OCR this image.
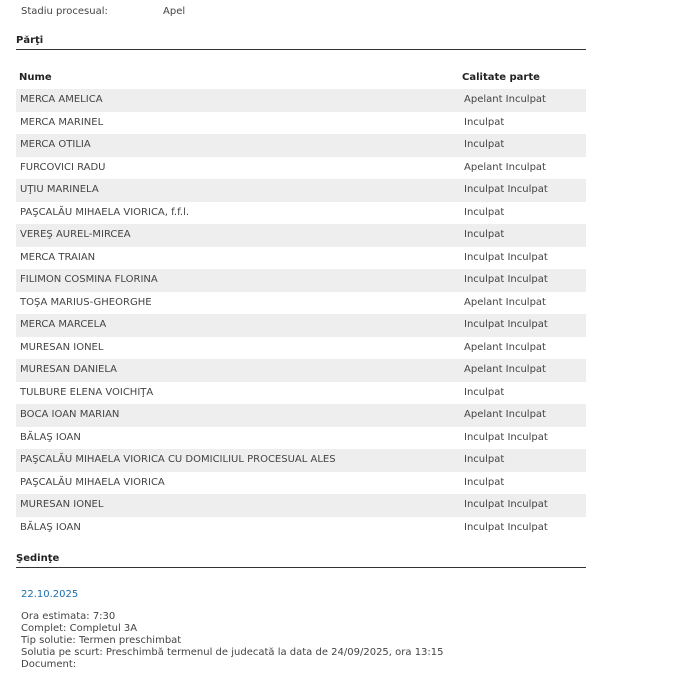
Stadiu procesual:	Apel
Părţi
Nume	Calitate parte
MERCA AMELICA	Apelant Inculpat
MERCA MARINEL	Inculpat
MERCA OTILIA	Inculpat
FURCOVICI RADU	Apelant Inculpat
UŢIU MARINELA	Inculpat Inculpat
PAŞCALĂU MIHAELA VIORICA, f.f.l.	Inculpat
VEREŞ AUREL-MIRCEA	Inculpat
MERCA TRAIAN	Inculpat Inculpat
FILIMON COSMINA FLORINA	Inculpat Inculpat
TOŞA MARIUS-GHEORGHE	Apelant Inculpat
MERCA MARCELA	Inculpat Inculpat
MURESAN IONEL	Apelant Inculpat
MURESAN DANIELA	Apelant Inculpat
TULBURE ELENA VOICHIŢA	Inculpat
BOCA IOAN MARIAN	Apelant Inculpat
BĂLAŞ IOAN	Inculpat Inculpat
PAŞCALĂU MIHAELA VIORICA CU DOMICILIUL PROCESUAL ALES	Inculpat
PAŞCALĂU MIHAELA VIORICA	Inculpat
MURESAN IONEL	Inculpat Inculpat
BĂLAŞ IOAN	Inculpat Inculpat
Şedinţe
22.10.2025
Ora estimata: 7:30
Complet: Completul 3A
Tip solutie: Termen preschimbat
Solutia pe scurt: Preschimbă termenul de judecată la data de 24/09/2025, ora 13:15
Document:
